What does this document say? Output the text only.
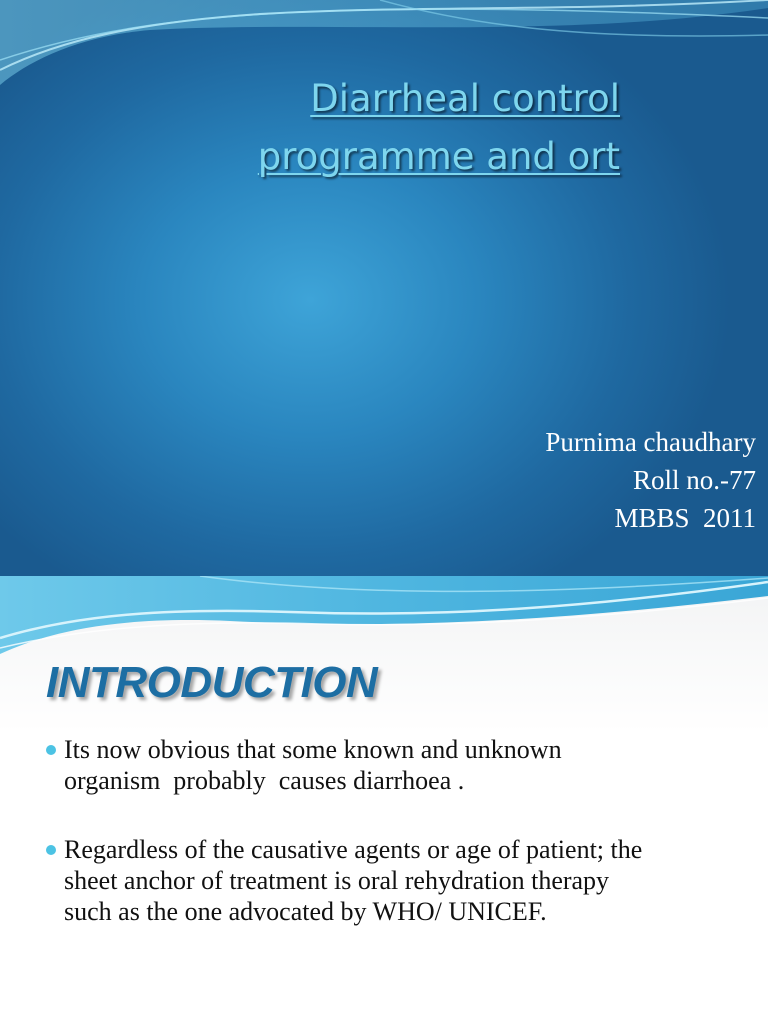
Diarrheal control
programme and ort
Purnima chaudhary
Roll no.-77
MBBS  2011
INTRODUCTION
Its now obvious that some known and unknown
organism  probably  causes diarrhoea .
Regardless of the causative agents or age of patient; the
sheet anchor of treatment is oral rehydration therapy
such as the one advocated by WHO/ UNICEF.
